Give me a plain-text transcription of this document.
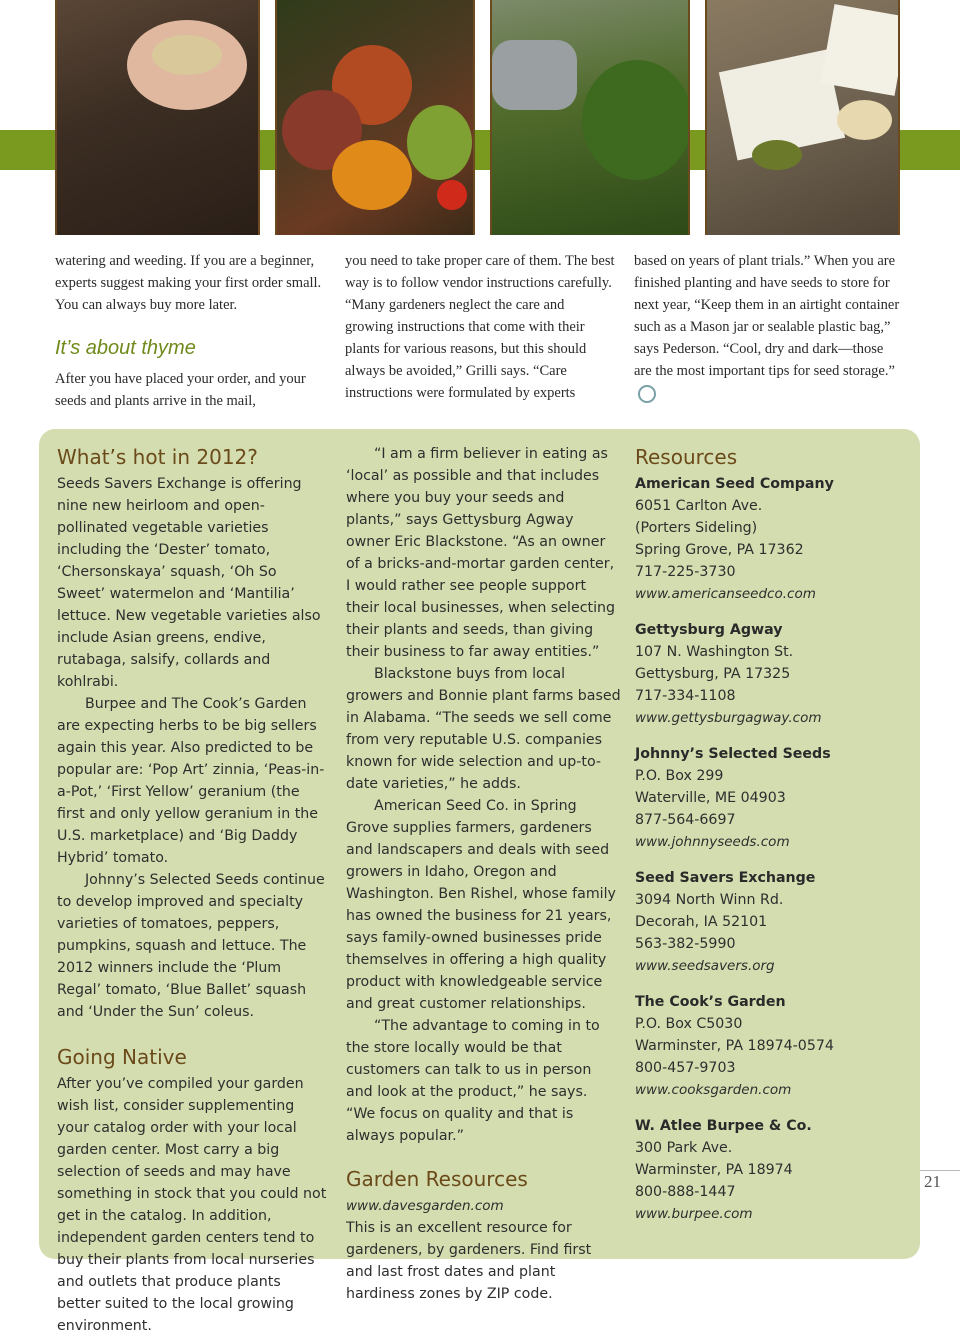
watering and weeding. If you are a beginner, experts suggest making your first order small. You can always buy more later.

It’s about thyme

After you have placed your order, and your seeds and plants arrive in the mail,

you need to take proper care of them. The best way is to follow vendor instructions carefully. “Many gardeners neglect the care and growing instructions that come with their plants for various reasons, but this should always be avoided,” Grilli says. “Care instructions were formulated by experts

based on years of plant trials.” When you are finished planting and have seeds to store for next year, “Keep them in an airtight container such as a Mason jar or sealable plastic bag,” says Pederson. “Cool, dry and dark—those are the most important tips for seed storage.”

What’s hot in 2012?

Seeds Savers Exchange is offering nine new heirloom and open-pollinated vegetable varieties including the ‘Dester’ tomato, ‘Chersonskaya’ squash, ‘Oh So Sweet’ watermelon and ‘Mantilia’ lettuce. New vegetable varieties also include Asian greens, endive, rutabaga, salsify, collards and kohlrabi.

Burpee and The Cook’s Garden are expecting herbs to be big sellers again this year. Also predicted to be popular are: ‘Pop Art’ zinnia, ‘Peas-in-a-Pot,’ ‘First Yellow’ geranium (the first and only yellow geranium in the U.S. marketplace) and ‘Big Daddy Hybrid’ tomato.

Johnny’s Selected Seeds continue to develop improved and specialty varieties of tomatoes, peppers, pumpkins, squash and lettuce. The 2012 winners include the ‘Plum Regal’ tomato, ‘Blue Ballet’ squash and ‘Under the Sun’ coleus.

Going Native

After you’ve compiled your garden wish list, consider supplementing your catalog order with your local garden center. Most carry a big selection of seeds and may have something in stock that you could not get in the catalog. In addition, independent garden centers tend to buy their plants from local nurseries and outlets that produce plants better suited to the local growing environment.

“I am a firm believer in eating as ‘local’ as possible and that includes where you buy your seeds and plants,” says Gettysburg Agway owner Eric Blackstone. “As an owner of a bricks-and-mortar garden center, I would rather see people support their local businesses, when selecting their plants and seeds, than giving their business to far away entities.”

Blackstone buys from local growers and Bonnie plant farms based in Alabama. “The seeds we sell come from very reputable U.S. companies known for wide selection and up-to-date varieties,” he adds.

American Seed Co. in Spring Grove supplies farmers, gardeners and landscapers and deals with seed growers in Idaho, Oregon and Washington. Ben Rishel, whose family has owned the business for 21 years, says family-owned businesses pride themselves in offering a high quality product with knowledgeable service and great customer relationships.

“The advantage to coming in to the store locally would be that customers can talk to us in person and look at the product,” he says. “We focus on quality and that is always popular.”

Garden Resources

www.davesgarden.com

This is an excellent resource for gardeners, by gardeners. Find first and last frost dates and plant hardiness zones by ZIP code.

Resources
American Seed Company
6051 Carlton Ave.
(Porters Sideling)
Spring Grove, PA 17362
717-225-3730
www.americanseedco.com
Gettysburg Agway
107 N. Washington St.
Gettysburg, PA 17325
717-334-1108
www.gettysburgagway.com
Johnny’s Selected Seeds
P.O. Box 299
Waterville, ME 04903
877-564-6697
www.johnnyseeds.com
Seed Savers Exchange
3094 North Winn Rd.
Decorah, IA 52101
563-382-5990
www.seedsavers.org
The Cook’s Garden
P.O. Box C5030
Warminster, PA 18974-0574
800-457-9703
www.cooksgarden.com
W. Atlee Burpee & Co.
300 Park Ave.
Warminster, PA 18974
800-888-1447
www.burpee.com
21
